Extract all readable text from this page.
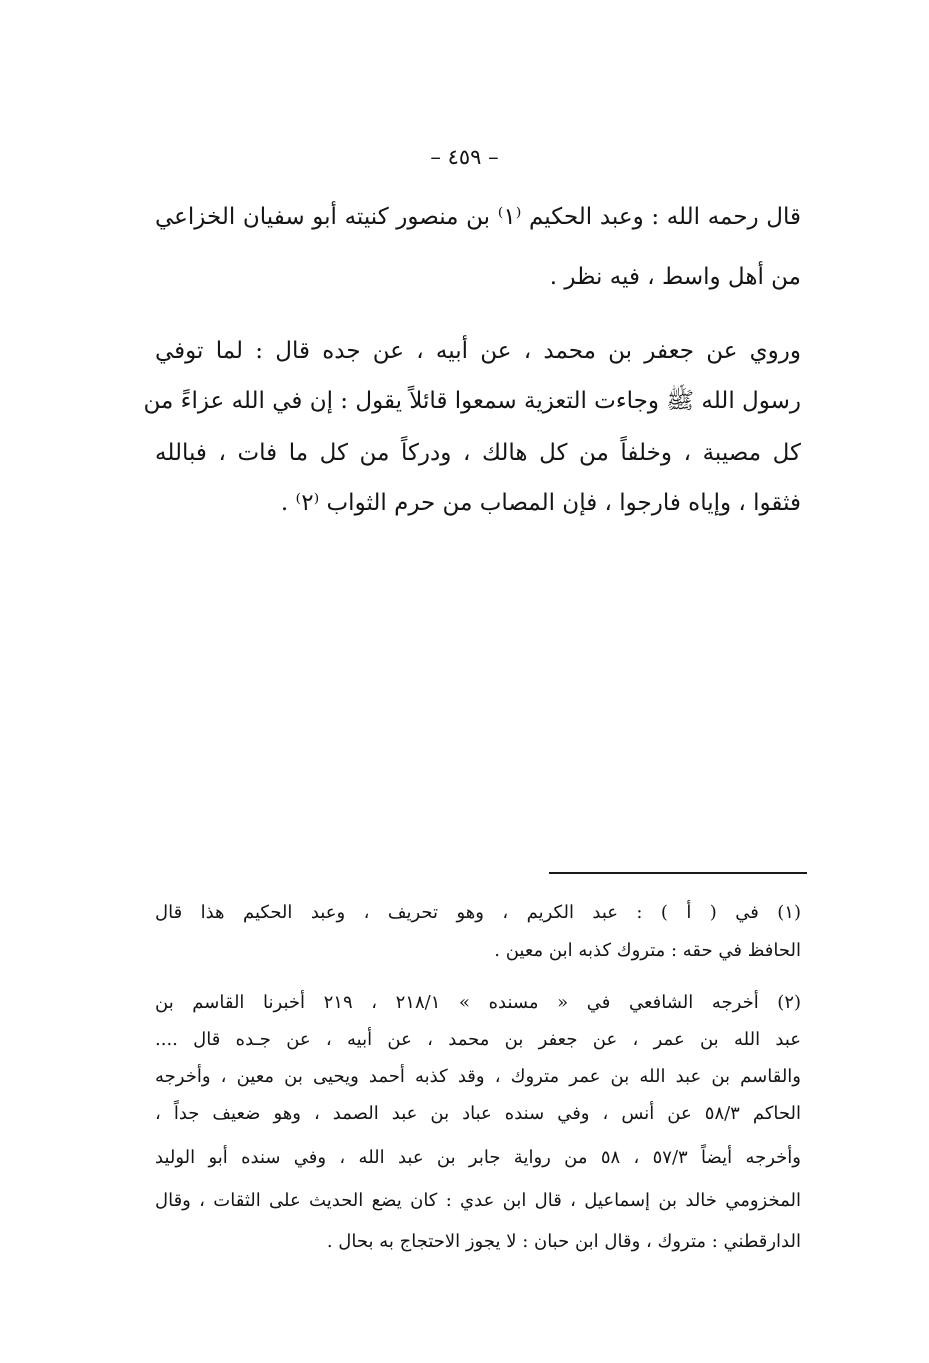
– ٤٥٩ –
قال رحمه الله : وعبد الحكيم ⁽١⁾ بن منصور كنيته أبو سفيان الخزاعي
من أهل واسط ، فيه نظر .
وروي عن جعفر بن محمد ، عن أبيه ، عن جده قال : لما توفي
رسول الله ﷺ وجاءت التعزية سمعوا قائلاً يقول : إن في الله عزاءً من
كل مصيبة ، وخلفاً من كل هالك ، ودركاً من كل ما فات ، فبالله
فثقوا ، وإياه فارجوا ، فإن المصاب من حرم الثواب ⁽٢⁾ .
(١) في ( أ ) : عبد الكريم ، وهو تحريف ، وعبد الحكيم هذا قال
الحافظ في حقه : متروك كذبه ابن معين .
(٢) أخرجه الشافعي في « مسنده » ٢١٨/١ ، ٢١٩ أخبرنا القاسم بن
عبد الله بن عمر ، عن جعفر بن محمد ، عن أبيه ، عن جـده قال ....
والقاسم بن عبد الله بن عمر متروك ، وقد كذبه أحمد ويحيى بن معين ، وأخرجه
الحاكم ٥٨/٣ عن أنس ، وفي سنده عباد بن عبد الصمد ، وهو ضعيف جداً ،
وأخرجه أيضاً ٥٧/٣ ، ٥٨ من رواية جابر بن عبد الله ، وفي سنده أبو الوليد
المخزومي خالد بن إسماعيل ، قال ابن عدي : كان يضع الحديث على الثقات ، وقال
الدارقطني : متروك ، وقال ابن حبان : لا يجوز الاحتجاج به بحال .
